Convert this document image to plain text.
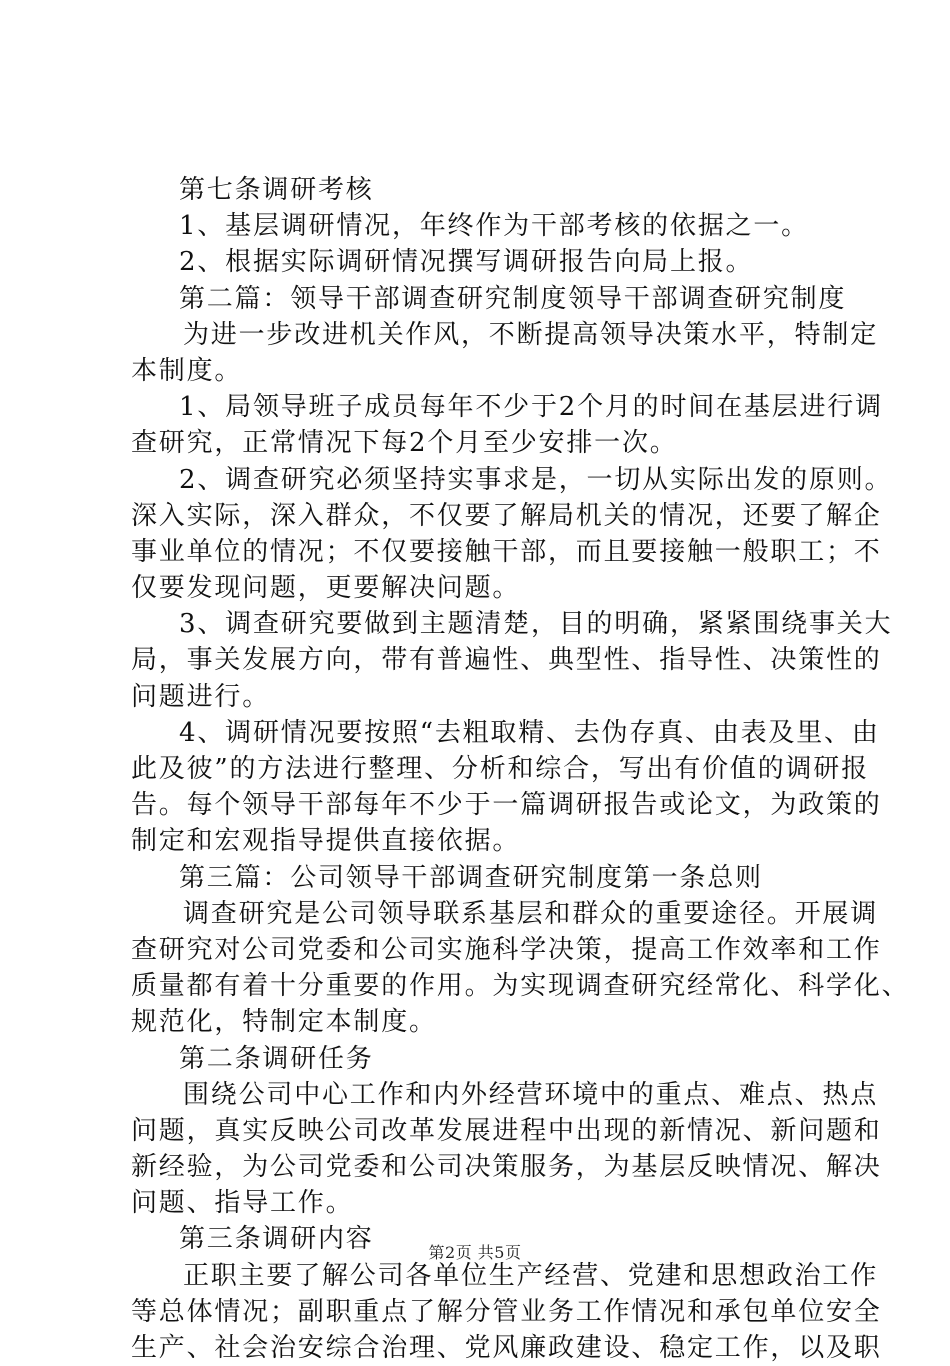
第七条调研考核
1、基层调研情况，年终作为干部考核的依据之一。
2、根据实际调研情况撰写调研报告向局上报。
第二篇：领导干部调查研究制度领导干部调查研究制度
为进一步改进机关作风，不断提高领导决策水平，特制定
本制度。
1、局领导班子成员每年不少于2个月的时间在基层进行调
查研究，正常情况下每2个月至少安排一次。
2、调查研究必须坚持实事求是，一切从实际出发的原则。
深入实际，深入群众，不仅要了解局机关的情况，还要了解企
事业单位的情况；不仅要接触干部，而且要接触一般职工；不
仅要发现问题，更要解决问题。
3、调查研究要做到主题清楚，目的明确，紧紧围绕事关大
局，事关发展方向，带有普遍性、典型性、指导性、决策性的
问题进行。
4、调研情况要按照“去粗取精、去伪存真、由表及里、由
此及彼”的方法进行整理、分析和综合，写出有价值的调研报
告。每个领导干部每年不少于一篇调研报告或论文，为政策的
制定和宏观指导提供直接依据。
第三篇：公司领导干部调查研究制度第一条总则
调查研究是公司领导联系基层和群众的重要途径。开展调
查研究对公司党委和公司实施科学决策，提高工作效率和工作
质量都有着十分重要的作用。为实现调查研究经常化、科学化、
规范化，特制定本制度。
第二条调研任务
围绕公司中心工作和内外经营环境中的重点、难点、热点
问题，真实反映公司改革发展进程中出现的新情况、新问题和
新经验，为公司党委和公司决策服务，为基层反映情况、解决
问题、指导工作。
第三条调研内容
正职主要了解公司各单位生产经营、党建和思想政治工作
等总体情况；副职重点了解分管业务工作情况和承包单位安全
生产、社会治安综合治理、党风廉政建设、稳定工作，以及职
第2页 共5页
